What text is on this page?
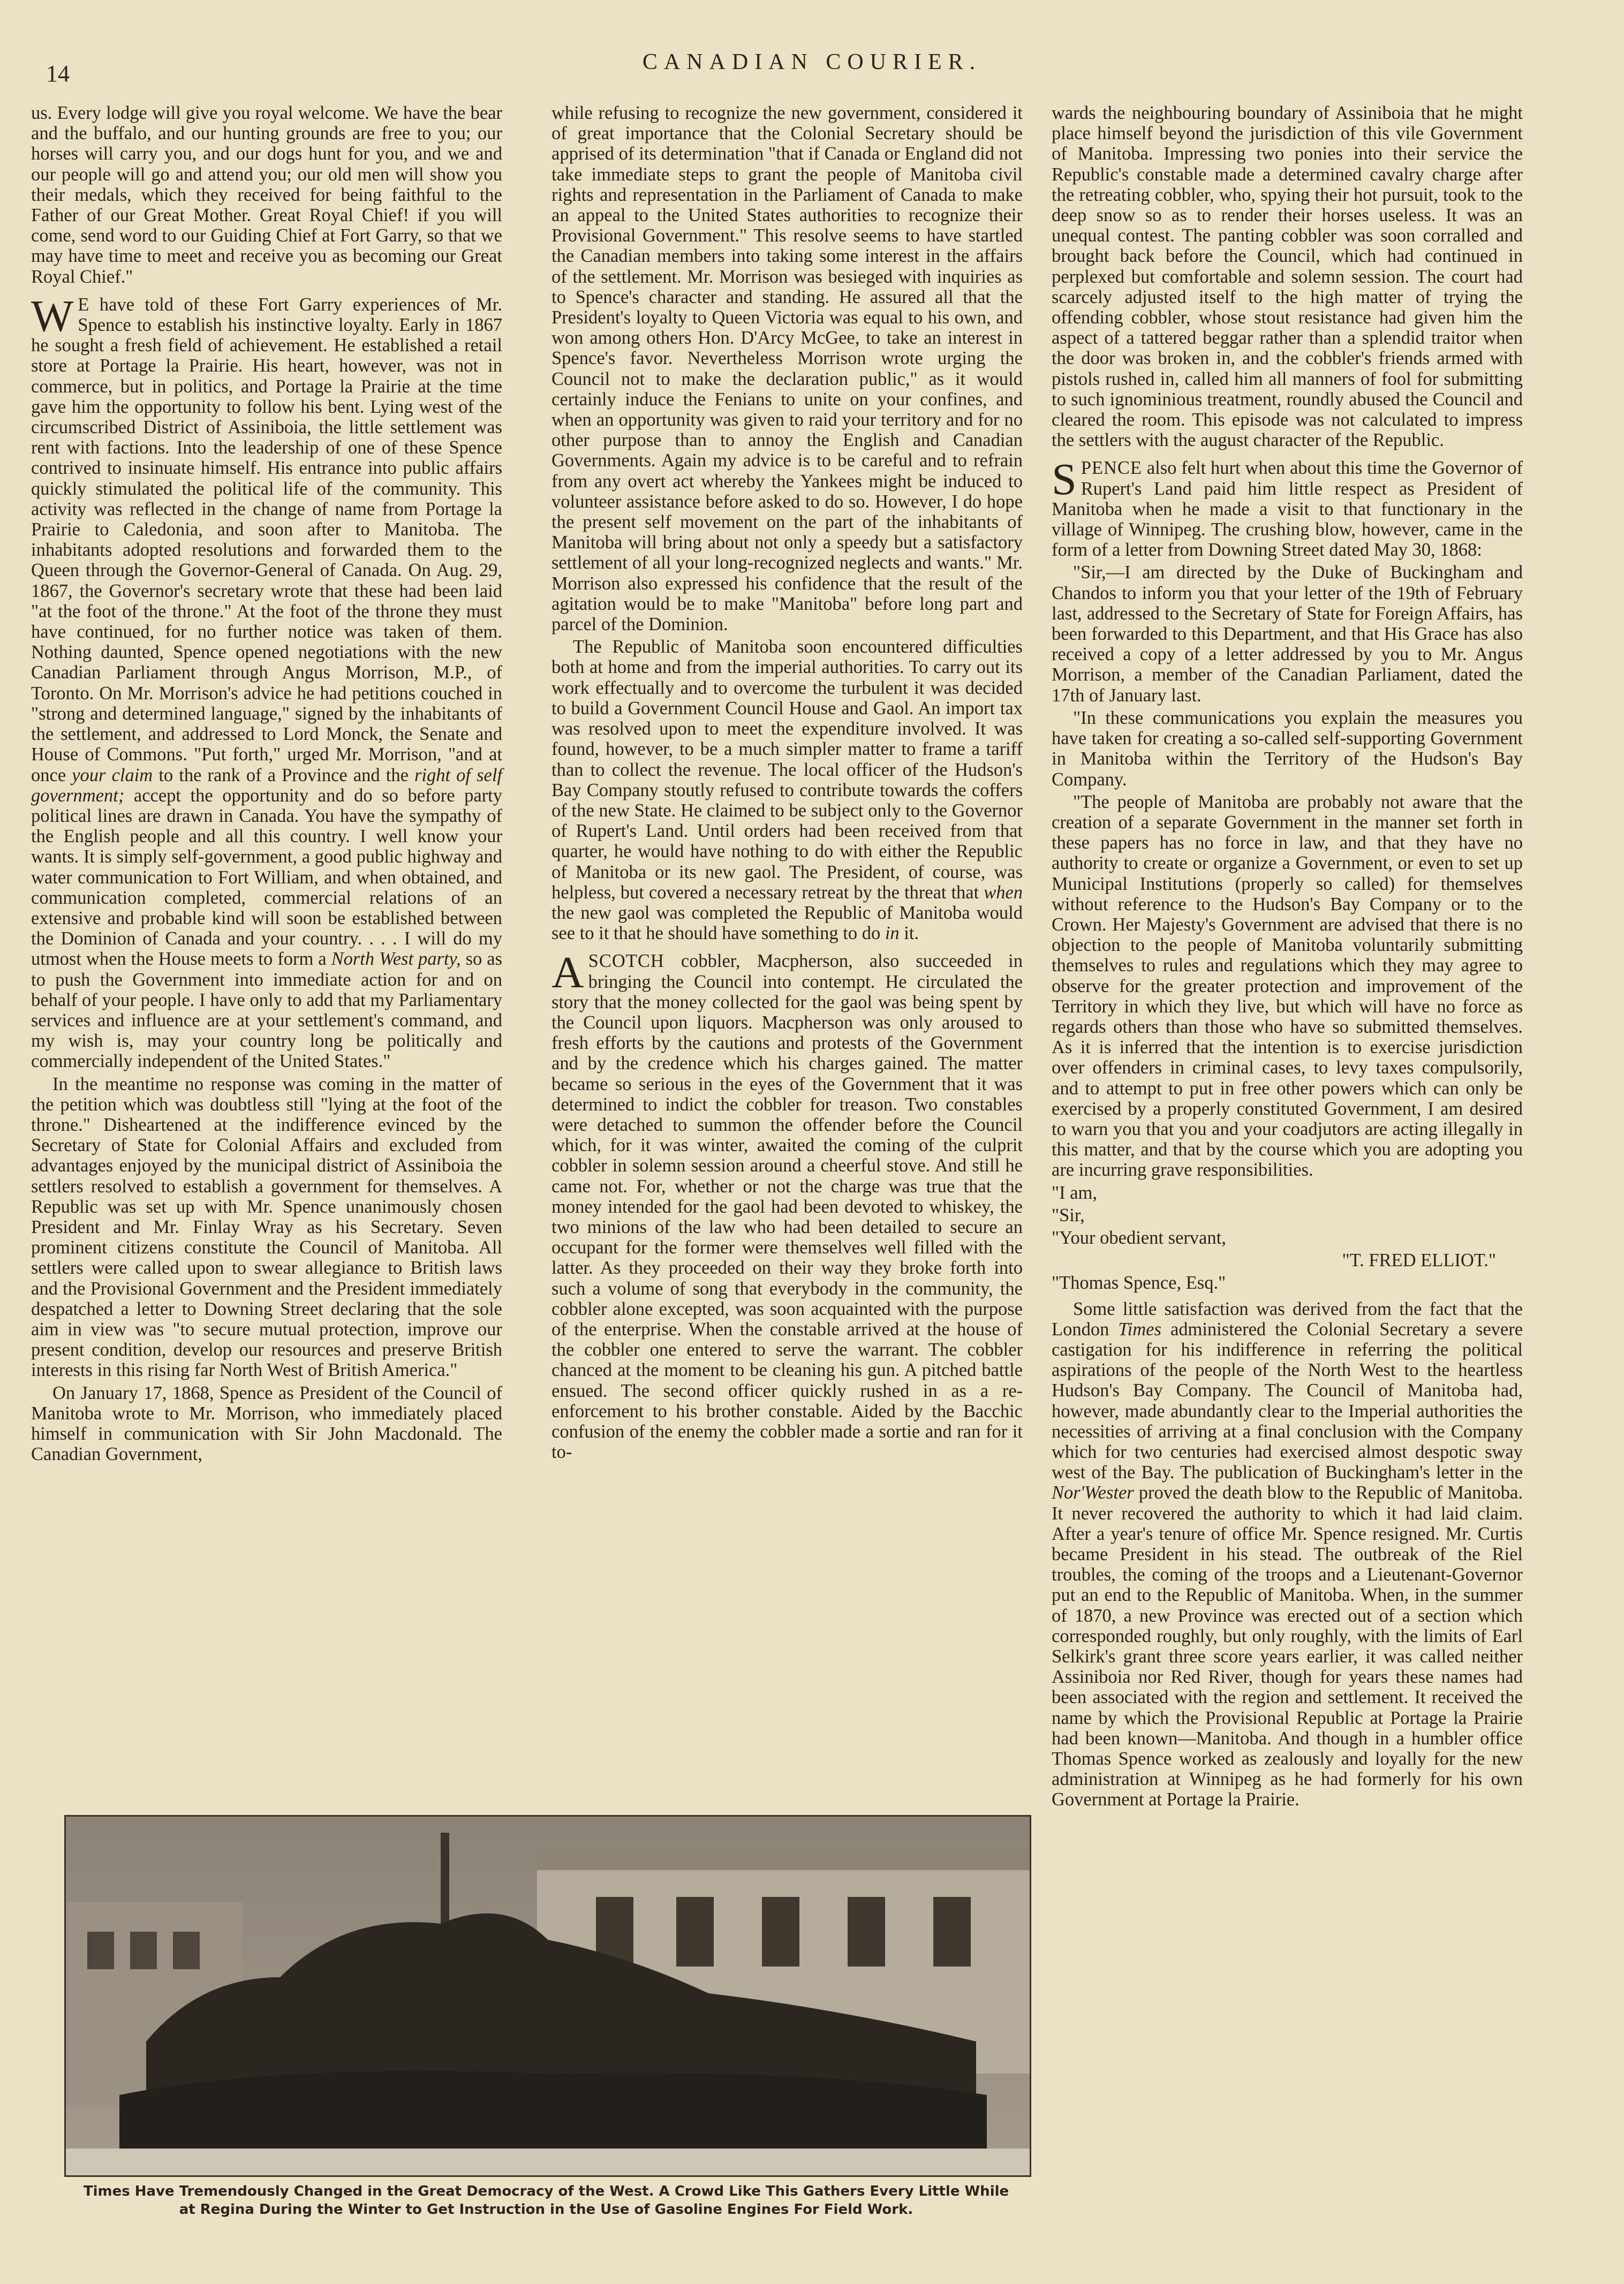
14	CANADIAN COURIER.

us. Every lodge will give you royal welcome. We have the bear and the buffalo, and our hunting grounds are free to you; our horses will carry you, and our dogs hunt for you, and we and our people will go and attend you; our old men will show you their medals, which they received for being faithful to the Father of our Great Mother. Great Royal Chief! if you will come, send word to our Guiding Chief at Fort Garry, so that we may have time to meet and receive you as becoming our Great Royal Chief."

W E have told of these Fort Garry experiences of Mr. Spence to establish his instinctive loyalty. Early in 1867 he sought a fresh field of achievement. He established a retail store at Portage la Prairie. His heart, however, was not in commerce, but in politics, and Portage la Prairie at the time gave him the opportunity to follow his bent. Lying west of the circumscribed District of Assiniboia, the little settlement was rent with factions. Into the leadership of one of these Spence contrived to insinuate himself. His entrance into public affairs quickly stimulated the political life of the community. This activity was reflected in the change of name from Portage la Prairie to Caledonia, and soon after to Manitoba. The inhabitants adopted resolutions and forwarded them to the Queen through the Governor-General of Canada. On Aug. 29, 1867, the Governor's secretary wrote that these had been laid "at the foot of the throne." At the foot of the throne they must have continued, for no further notice was taken of them. Nothing daunted, Spence opened negotiations with the new Canadian Parliament through Angus Morrison, M.P., of Toronto. On Mr. Morrison's advice he had petitions couched in "strong and determined language," signed by the inhabitants of the settlement, and addressed to Lord Monck, the Senate and House of Commons. "Put forth," urged Mr. Morrison, "and at once your claim to the rank of a Province and the right of self government; accept the opportunity and do so before party political lines are drawn in Canada. You have the sympathy of the English people and all this country. I well know your wants. It is simply self-government, a good public highway and water communication to Fort William, and when obtained, and communication completed, commercial relations of an extensive and probable kind will soon be established between the Dominion of Canada and your country. . . . I will do my utmost when the House meets to form a North West party, so as to push the Government into immediate action for and on behalf of your people. I have only to add that my Parliamentary services and influence are at your settlement's command, and my wish is, may your country long be politically and commercially independent of the United States."

In the meantime no response was coming in the matter of the petition which was doubtless still "lying at the foot of the throne." Disheartened at the indifference evinced by the Secretary of State for Colonial Affairs and excluded from advantages enjoyed by the municipal district of Assiniboia the settlers resolved to establish a government for themselves. A Republic was set up with Mr. Spence unanimously chosen President and Mr. Finlay Wray as his Secretary. Seven prominent citizens constitute the Council of Manitoba. All settlers were called upon to swear allegiance to British laws and the Provisional Government and the President immediately despatched a letter to Downing Street declaring that the sole aim in view was "to secure mutual protection, improve our present condition, develop our resources and preserve British interests in this rising far North West of British America."

On January 17, 1868, Spence as President of the Council of Manitoba wrote to Mr. Morrison, who immediately placed himself in communication with Sir John Macdonald. The Canadian Government,

while refusing to recognize the new government, considered it of great importance that the Colonial Secretary should be apprised of its determination "that if Canada or England did not take immediate steps to grant the people of Manitoba civil rights and representation in the Parliament of Canada to make an appeal to the United States authorities to recognize their Provisional Government." This resolve seems to have startled the Canadian members into taking some interest in the affairs of the settlement. Mr. Morrison was besieged with inquiries as to Spence's character and standing. He assured all that the President's loyalty to Queen Victoria was equal to his own, and won among others Hon. D'Arcy McGee, to take an interest in Spence's favor. Nevertheless Morrison wrote urging the Council not to make the declaration public," as it would certainly induce the Fenians to unite on your confines, and when an opportunity was given to raid your territory and for no other purpose than to annoy the English and Canadian Governments. Again my advice is to be careful and to refrain from any overt act whereby the Yankees might be induced to volunteer assistance before asked to do so. However, I do hope the present self movement on the part of the inhabitants of Manitoba will bring about not only a speedy but a satisfactory settlement of all your long-recognized neglects and wants." Mr. Morrison also expressed his confidence that the result of the agitation would be to make "Manitoba" before long part and parcel of the Dominion.

The Republic of Manitoba soon encountered difficulties both at home and from the imperial authorities. To carry out its work effectually and to overcome the turbulent it was decided to build a Government Council House and Gaol. An import tax was resolved upon to meet the expenditure involved. It was found, however, to be a much simpler matter to frame a tariff than to collect the revenue. The local officer of the Hudson's Bay Company stoutly refused to contribute towards the coffers of the new State. He claimed to be subject only to the Governor of Rupert's Land. Until orders had been received from that quarter, he would have nothing to do with either the Republic of Manitoba or its new gaol. The President, of course, was helpless, but covered a necessary retreat by the threat that when the new gaol was completed the Republic of Manitoba would see to it that he should have something to do in it.

ASCOTCH cobbler, Macpherson, also succeeded in bringing the Council into contempt. He circulated the story that the money collected for the gaol was being spent by the Council upon liquors. Macpherson was only aroused to fresh efforts by the cautions and protests of the Government and by the credence which his charges gained. The matter became so serious in the eyes of the Government that it was determined to indict the cobbler for treason. Two constables were detached to summon the offender before the Council which, for it was winter, awaited the coming of the culprit cobbler in solemn session around a cheerful stove. And still he came not. For, whether or not the charge was true that the money intended for the gaol had been devoted to whiskey, the two minions of the law who had been detailed to secure an occupant for the former were themselves well filled with the latter. As they proceeded on their way they broke forth into such a volume of song that everybody in the community, the cobbler alone excepted, was soon acquainted with the purpose of the enterprise. When the constable arrived at the house of the cobbler one entered to serve the warrant. The cobbler chanced at the moment to be cleaning his gun. A pitched battle ensued. The second officer quickly rushed in as a re-enforcement to his brother constable. Aided by the Bacchic confusion of the enemy the cobbler made a sortie and ran for it to-

wards the neighbouring boundary of Assiniboia that he might place himself beyond the jurisdiction of this vile Government of Manitoba. Impressing two ponies into their service the Republic's constable made a determined cavalry charge after the retreating cobbler, who, spying their hot pursuit, took to the deep snow so as to render their horses useless. It was an unequal contest. The panting cobbler was soon corralled and brought back before the Council, which had continued in perplexed but comfortable and solemn session. The court had scarcely adjusted itself to the high matter of trying the offending cobbler, whose stout resistance had given him the aspect of a tattered beggar rather than a splendid traitor when the door was broken in, and the cobbler's friends armed with pistols rushed in, called him all manners of fool for submitting to such ignominious treatment, roundly abused the Council and cleared the room. This episode was not calculated to impress the settlers with the august character of the Republic.

SPENCE also felt hurt when about this time the Governor of Rupert's Land paid him little respect as President of Manitoba when he made a visit to that functionary in the village of Winnipeg. The crushing blow, however, came in the form of a letter from Downing Street dated May 30, 1868:

"Sir,—I am directed by the Duke of Buckingham and Chandos to inform you that your letter of the 19th of February last, addressed to the Secretary of State for Foreign Affairs, has been forwarded to this Department, and that His Grace has also received a copy of a letter addressed by you to Mr. Angus Morrison, a member of the Canadian Parliament, dated the 17th of January last.

"In these communications you explain the measures you have taken for creating a so-called self-supporting Government in Manitoba within the Territory of the Hudson's Bay Company.

"The people of Manitoba are probably not aware that the creation of a separate Government in the manner set forth in these papers has no force in law, and that they have no authority to create or organize a Government, or even to set up Municipal Institutions (properly so called) for themselves without reference to the Hudson's Bay Company or to the Crown. Her Majesty's Government are advised that there is no objection to the people of Manitoba voluntarily submitting themselves to rules and regulations which they may agree to observe for the greater protection and improvement of the Territory in which they live, but which will have no force as regards others than those who have so submitted themselves. As it is inferred that the intention is to exercise jurisdiction over offenders in criminal cases, to levy taxes compulsorily, and to attempt to put in free other powers which can only be exercised by a properly constituted Government, I am desired to warn you that you and your coadjutors are acting illegally in this matter, and that by the course which you are adopting you are incurring grave responsibilities.

"I am,

"Sir,

"Your obedient servant,

"T. FRED ELLIOT."

"Thomas Spence, Esq."

Some little satisfaction was derived from the fact that the London Times administered the Colonial Secretary a severe castigation for his indifference in referring the political aspirations of the people of the North West to the heartless Hudson's Bay Company. The Council of Manitoba had, however, made abundantly clear to the Imperial authorities the necessities of arriving at a final conclusion with the Company which for two centuries had exercised almost despotic sway west of the Bay. The publication of Buckingham's letter in the Nor'Wester proved the death blow to the Republic of Manitoba. It never recovered the authority to which it had laid claim. After a year's tenure of office Mr. Spence resigned. Mr. Curtis became President in his stead. The outbreak of the Riel troubles, the coming of the troops and a Lieutenant-Governor put an end to the Republic of Manitoba. When, in the summer of 1870, a new Province was erected out of a section which corresponded roughly, but only roughly, with the limits of Earl Selkirk's grant three score years earlier, it was called neither Assiniboia nor Red River, though for years these names had been associated with the region and settlement. It received the name by which the Provisional Republic at Portage la Prairie had been known—Manitoba. And though in a humbler office Thomas Spence worked as zealously and loyally for the new administration at Winnipeg as he had formerly for his own Government at Portage la Prairie.

Times Have Tremendously Changed in the Great Democracy of the West. A Crowd Like This Gathers Every Little While
at Regina During the Winter to Get Instruction in the Use of Gasoline Engines For Field Work.
